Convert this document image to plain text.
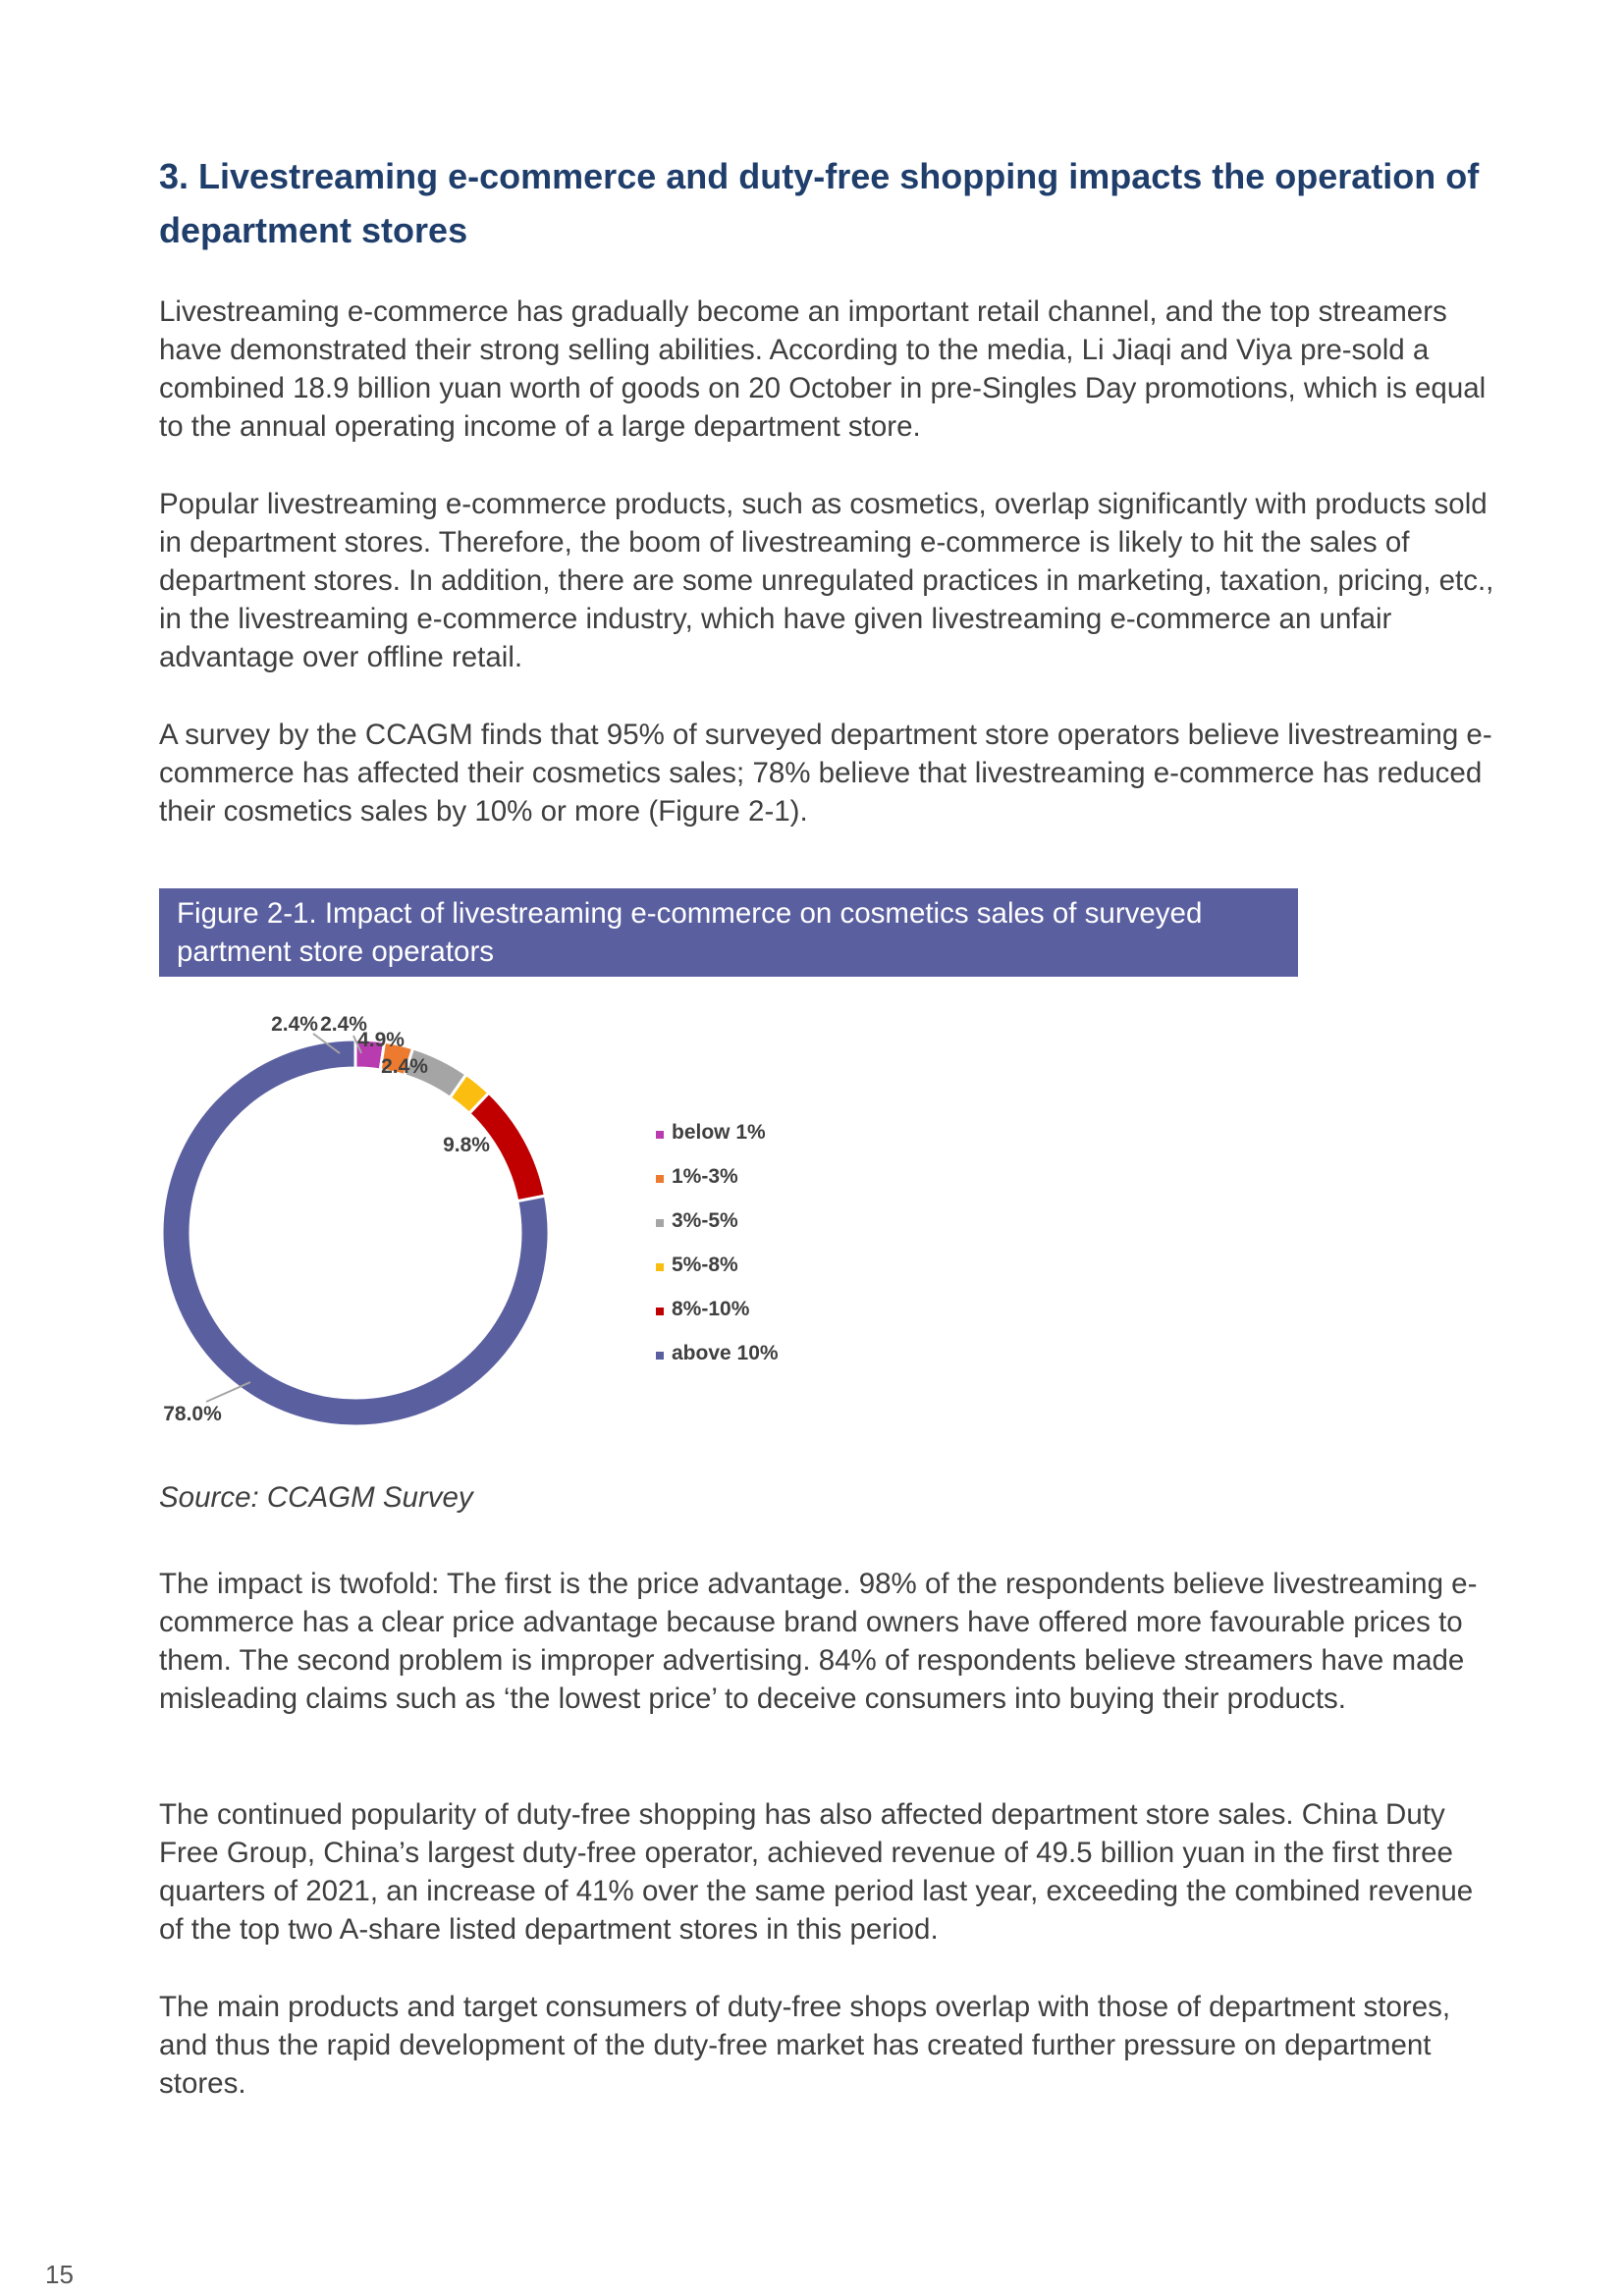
3. Livestreaming e-commerce and duty-free shopping impacts the operation of department stores

Livestreaming e-commerce has gradually become an important retail channel, and the top streamers have demonstrated their strong selling abilities. According to the media, Li Jiaqi and Viya pre-sold a combined 18.9 billion yuan worth of goods on 20 October in pre-Singles Day promotions, which is equal to the annual operating income of a large department store.

Popular livestreaming e-commerce products, such as cosmetics, overlap significantly with products sold in department stores. Therefore, the boom of livestreaming e-commerce is likely to hit the sales of department stores. In addition, there are some unregulated practices in marketing, taxation, pricing, etc., in the livestreaming e-commerce industry, which have given livestreaming e-commerce an unfair advantage over offline retail.

A survey by the CCAGM finds that 95% of surveyed department store operators believe livestreaming e-commerce has affected their cosmetics sales; 78% believe that livestreaming e-commerce has reduced their cosmetics sales by 10% or more (Figure 2-1).

Figure 2-1. Impact of livestreaming e-commerce on cosmetics sales of surveyed partment store operators
2.4% 2.4%
4.9%
2.4%
9.8%
78.0%
below 1%
1%-3%
3%-5%
5%-8%
8%-10%
above 10%

Source: CCAGM Survey

The impact is twofold: The first is the price advantage. 98% of the respondents believe livestreaming e-commerce has a clear price advantage because brand owners have offered more favourable prices to them. The second problem is improper advertising. 84% of respondents believe streamers have made misleading claims such as ‘the lowest price’ to deceive consumers into buying their products.

The continued popularity of duty-free shopping has also affected department store sales. China Duty Free Group, China’s largest duty-free operator, achieved revenue of 49.5 billion yuan in the first three quarters of 2021, an increase of 41% over the same period last year, exceeding the combined revenue of the top two A-share listed department stores in this period.

The main products and target consumers of duty-free shops overlap with those of department stores, and thus the rapid development of the duty-free market has created further pressure on department stores.

15
